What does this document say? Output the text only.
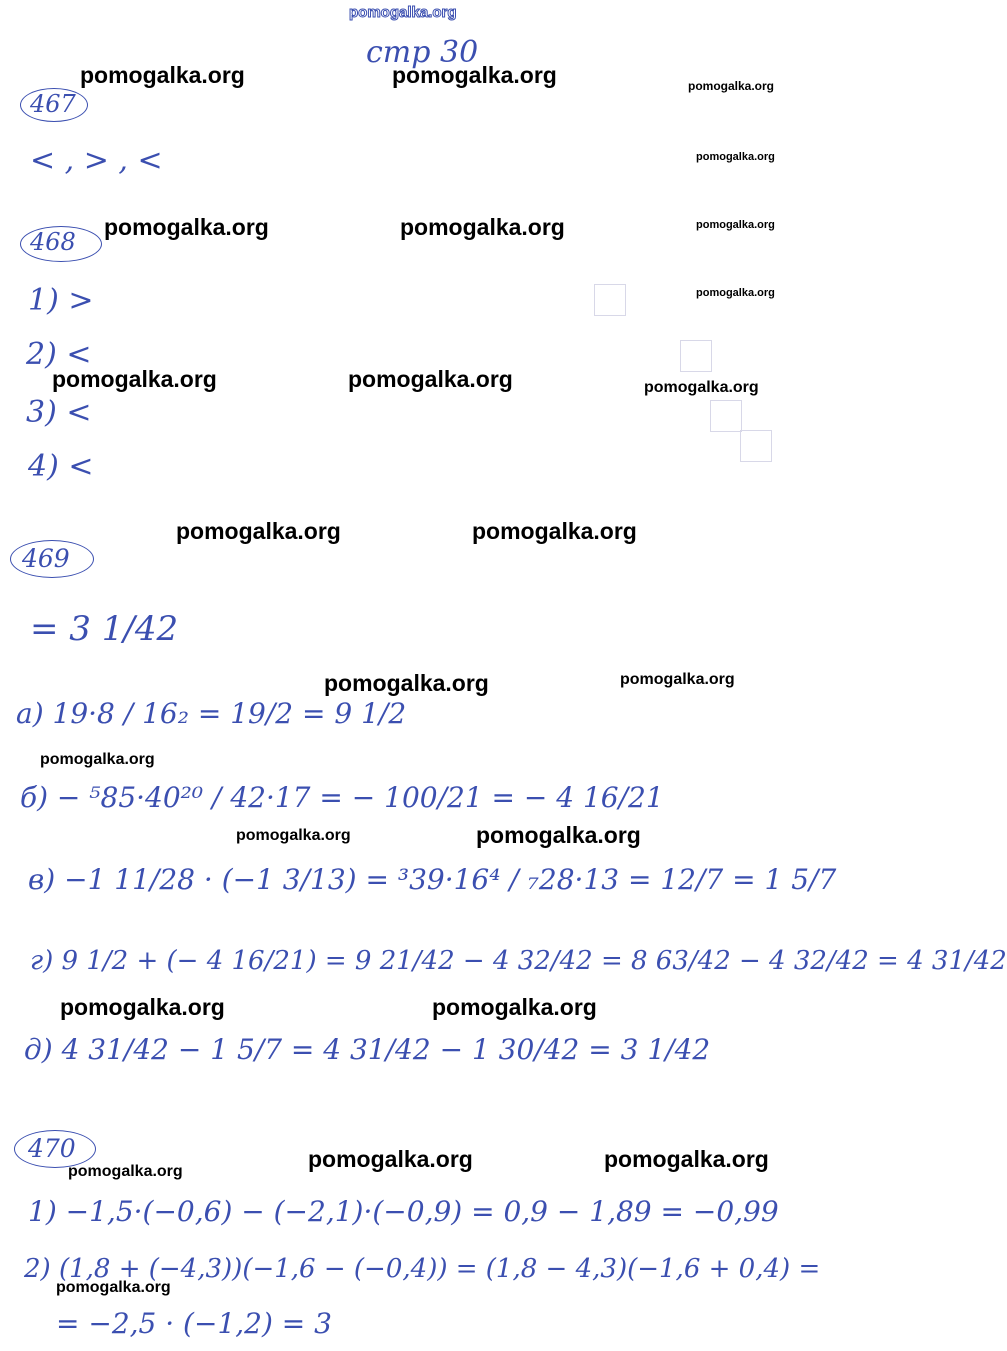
pomogalka.org
стр 30
467
< , > , <
468
1) >
2) <
3) <
4) <
469
= 3 1/42
а) 19·8 / 16₂ = 19/2 = 9 1/2
б) − ⁵85·40²⁰ / 42·17 = − 100/21 = − 4 16/21
в) −1 11/28 · (−1 3/13) = ³39·16⁴ / ₇28·13 = 12/7 = 1 5/7
г) 9 1/2 + (− 4 16/21) = 9 21/42 − 4 32/42 = 8 63/42 − 4 32/42 = 4 31/42
д) 4 31/42 − 1 5/7 = 4 31/42 − 1 30/42 = 3 1/42
470
1) −1,5·(−0,6) − (−2,1)·(−0,9) = 0,9 − 1,89 = −0,99
2) (1,8 + (−4,3))(−1,6 − (−0,4)) = (1,8 − 4,3)(−1,6 + 0,4) =
= −2,5 · (−1,2) = 3
pomogalka.org	pomogalka.org	pomogalka.org
pomogalka.org
pomogalka.org	pomogalka.org	pomogalka.org
pomogalka.org
pomogalka.org	pomogalka.org	pomogalka.org
pomogalka.org	pomogalka.org
pomogalka.org	pomogalka.org
pomogalka.org
pomogalka.org	pomogalka.org
pomogalka.org	pomogalka.org
pomogalka.org	pomogalka.org	pomogalka.org
pomogalka.org
